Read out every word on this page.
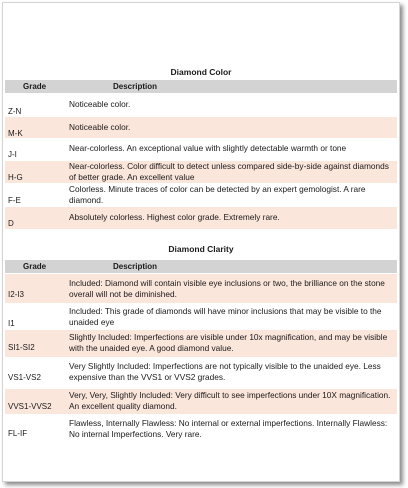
Diamond Color
Grade	Description
Z-N
Noticeable color.
M-K
Noticeable color.
J-I
Near-colorless. An exceptional value with slightly detectable warmth or tone
H-G
Near-colorless. Color difficult to detect unless compared side-by-side against diamonds of better grade. An excellent value
F-E
Colorless. Minute traces of color can be detected by an expert gemologist. A rare diamond.
D
Absolutely colorless. Highest color grade. Extremely rare.
Diamond Clarity
Grade	Description
I2-I3
Included: Diamond will contain visible eye inclusions or two, the brilliance on the stone overall will not be diminished.
I1
Included: This grade of diamonds will have minor inclusions that may be visible to the unaided eye
SI1-SI2
Slightly Included: Imperfections are visible under 10x magnification, and may be visible with the unaided eye. A good diamond value.
VS1-VS2
Very Slightly Included: Imperfections are not typically visible to the unaided eye. Less expensive than the VVS1 or VVS2 grades.
VVS1-VVS2
Very, Very, Slightly Included: Very difficult to see imperfections under 10X magnification. An excellent quality diamond.
FL-IF
Flawless, Internally Flawless: No internal or external imperfections. Internally Flawless: No internal Imperfections. Very rare.
